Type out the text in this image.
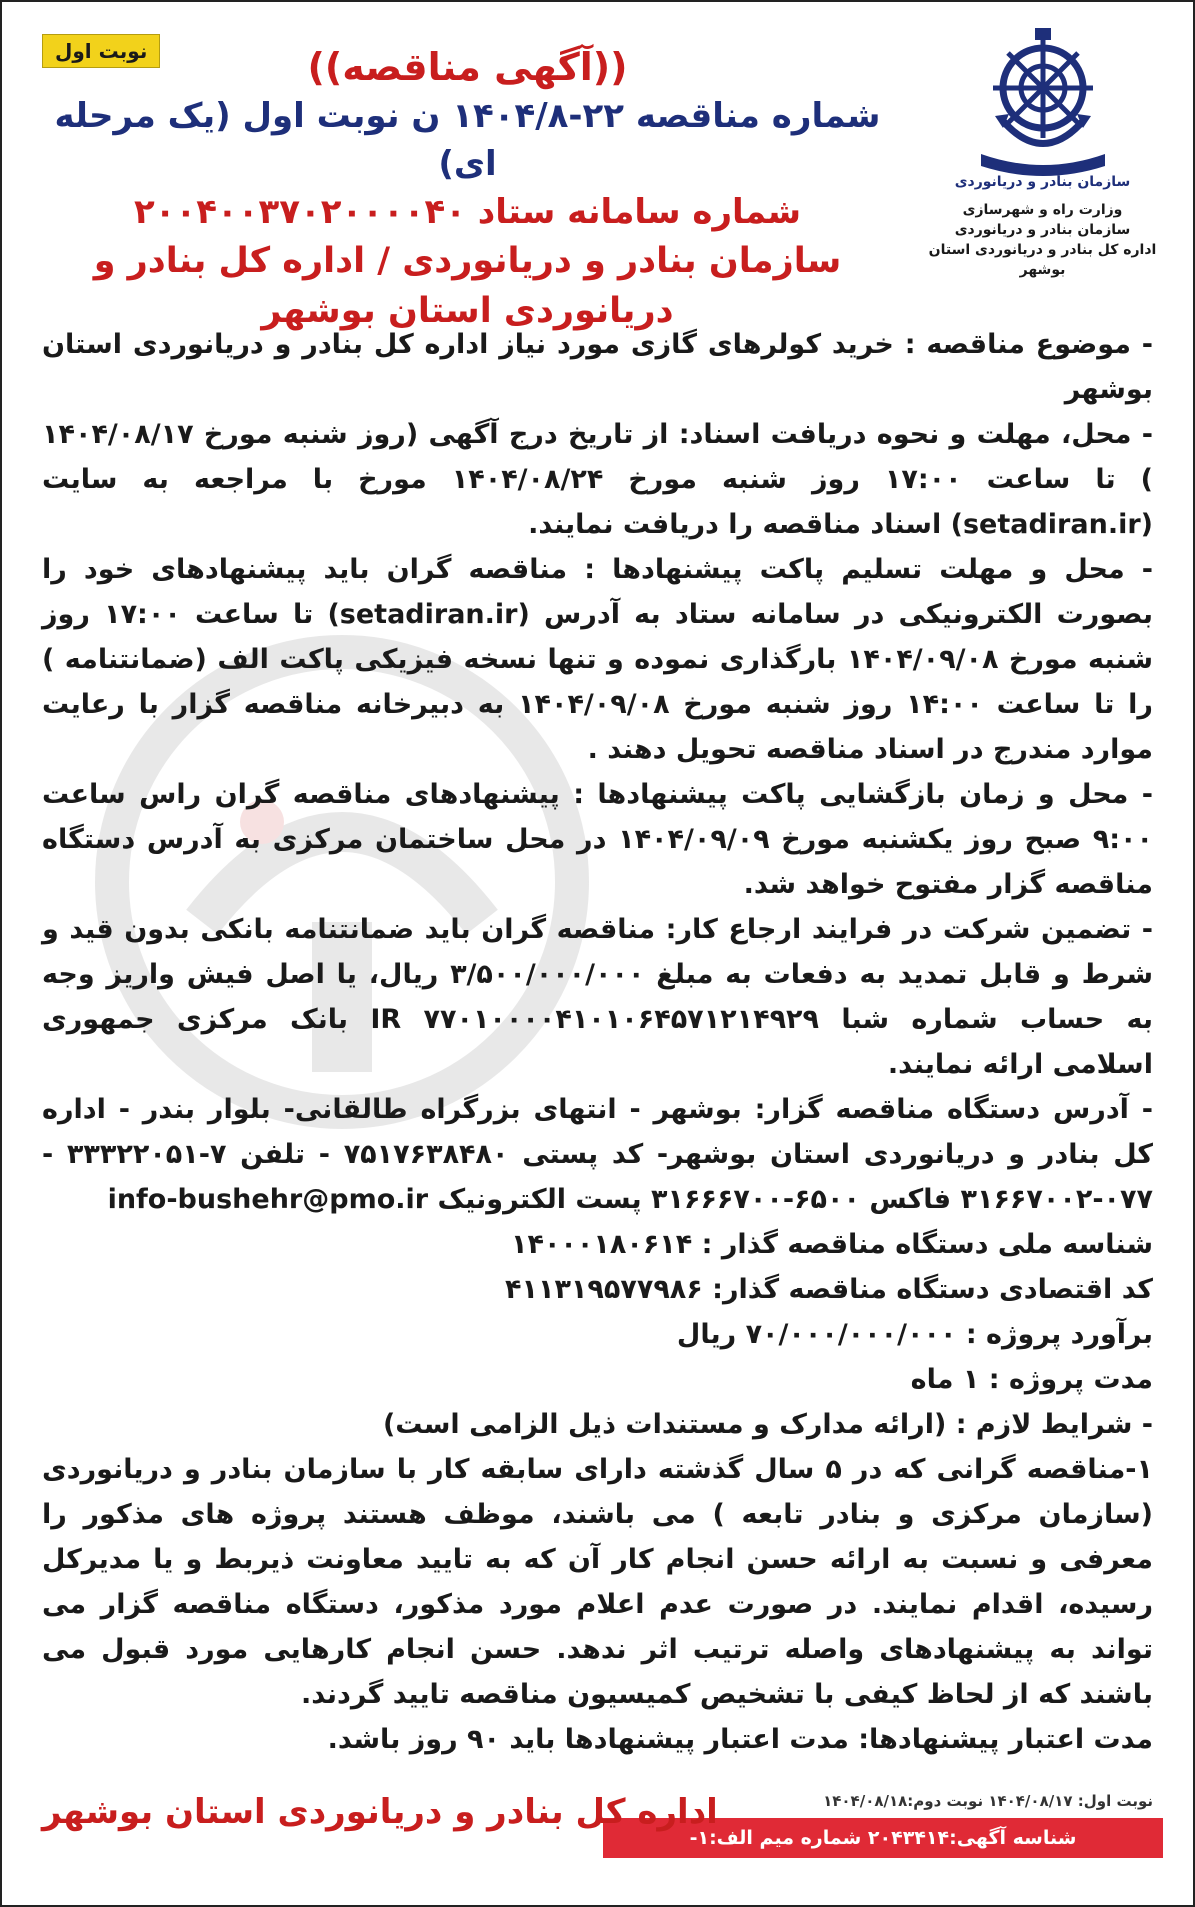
نوبت اول
سازمان بنادر و دریانوردی
وزارت راه و شهرسازی
سازمان بنادر و دریانوردی
اداره کل بنادر و دریانوردی استان بوشهر
((آگهی مناقصه))
شماره مناقصه ۲۲-۱۴۰۴/۸ ن نوبت اول (یک مرحله ای)
شماره سامانه ستاد ۲۰۰۴۰۰۳۷۰۲۰۰۰۰۴۰
سازمان بنادر و دریانوردی / اداره کل بنادر و
دریانوردی استان بوشهر

- موضوع مناقصه : خرید کولرهای گازی مورد نیاز اداره کل بنادر و دریانوردی استان بوشهر

- محل، مهلت و نحوه دریافت اسناد: از تاریخ درج آگهی (روز شنبه مورخ ۱۴۰۴/۰۸/۱۷ ) تا ساعت ۱۷:۰۰ روز شنبه مورخ ۱۴۰۴/۰۸/۲۴ مورخ با مراجعه به سایت (setadiran.ir) اسناد مناقصه را دریافت نمایند.

- محل و مهلت تسلیم پاکت پیشنهادها : مناقصه گران باید پیشنهادهای خود را بصورت الکترونیکی در سامانه ستاد به آدرس (setadiran.ir) تا ساعت ۱۷:۰۰ روز شنبه مورخ ۱۴۰۴/۰۹/۰۸ بارگذاری نموده و تنها نسخه فیزیکی پاکت الف (ضمانتنامه ) را تا ساعت ۱۴:۰۰ روز شنبه مورخ ۱۴۰۴/۰۹/۰۸ به دبیرخانه مناقصه گزار با رعایت موارد مندرج در اسناد مناقصه تحویل دهند .

- محل و زمان بازگشایی پاکت پیشنهادها : پیشنهادهای مناقصه گران راس ساعت ۹:۰۰ صبح روز یکشنبه مورخ ۱۴۰۴/۰۹/۰۹ در محل ساختمان مرکزی به آدرس دستگاه مناقصه گزار مفتوح خواهد شد.

- تضمین شرکت در فرایند ارجاع کار: مناقصه گران باید ضمانتنامه بانکی بدون قید و شرط و قابل تمدید به دفعات به مبلغ ۳/۵۰۰/۰۰۰/۰۰۰ ریال، یا اصل فیش واریز وجه به حساب شماره شبا IR ۷۷۰۱۰۰۰۰۴۱۰۱۰۶۴۵۷۱۲۱۴۹۲۹ بانک مرکزی جمهوری اسلامی ارائه نمایند.

- آدرس دستگاه مناقصه گزار: بوشهر - انتهای بزرگراه طالقانی- بلوار بندر - اداره کل بنادر و دریانوردی استان بوشهر- کد پستی ۷۵۱۷۶۳۸۴۸۰ - تلفن ۷-۳۳۳۲۲۰۵۱ - ۰۷۷-۳۱۶۶۷۰۰۲ فاکس ۶۵۰۰-۳۱۶۶۶۷۰۰ پست الکترونیک info-bushehr@pmo.ir

شناسه ملی دستگاه مناقصه گذار : ۱۴۰۰۰۱۸۰۶۱۴

کد اقتصادی دستگاه مناقصه گذار: ۴۱۱۳۱۹۵۷۷۹۸۶

برآورد پروژه : ۷۰/۰۰۰/۰۰۰/۰۰۰ ریال

مدت پروژه : ۱ ماه

- شرایط لازم : (ارائه مدارک و مستندات ذیل الزامی است)

۱-مناقصه گرانی که در ۵ سال گذشته دارای سابقه کار با سازمان بنادر و دریانوردی (سازمان مرکزی و بنادر تابعه ) می باشند، موظف هستند پروژه های مذکور را معرفی و نسبت به ارائه حسن انجام کار آن که به تایید معاونت ذیربط و یا مدیرکل رسیده، اقدام نمایند. در صورت عدم اعلام مورد مذکور، دستگاه مناقصه گزار می تواند به پیشنهادهای واصله ترتیب اثر ندهد. حسن انجام کارهایی مورد قبول می باشند که از لحاظ کیفی با تشخیص کمیسیون مناقصه تایید گردند.

مدت اعتبار پیشنهادها: مدت اعتبار پیشنهادها باید ۹۰ روز باشد.

نوبت اول: ۱۴۰۴/۰۸/۱۷ نوبت دوم:۱۴۰۴/۰۸/۱۸
شناسه آگهی:۲۰۴۳۴۱۴ شماره میم الف:۱-
اداره کل بنادر و دریانوردی استان بوشهر
